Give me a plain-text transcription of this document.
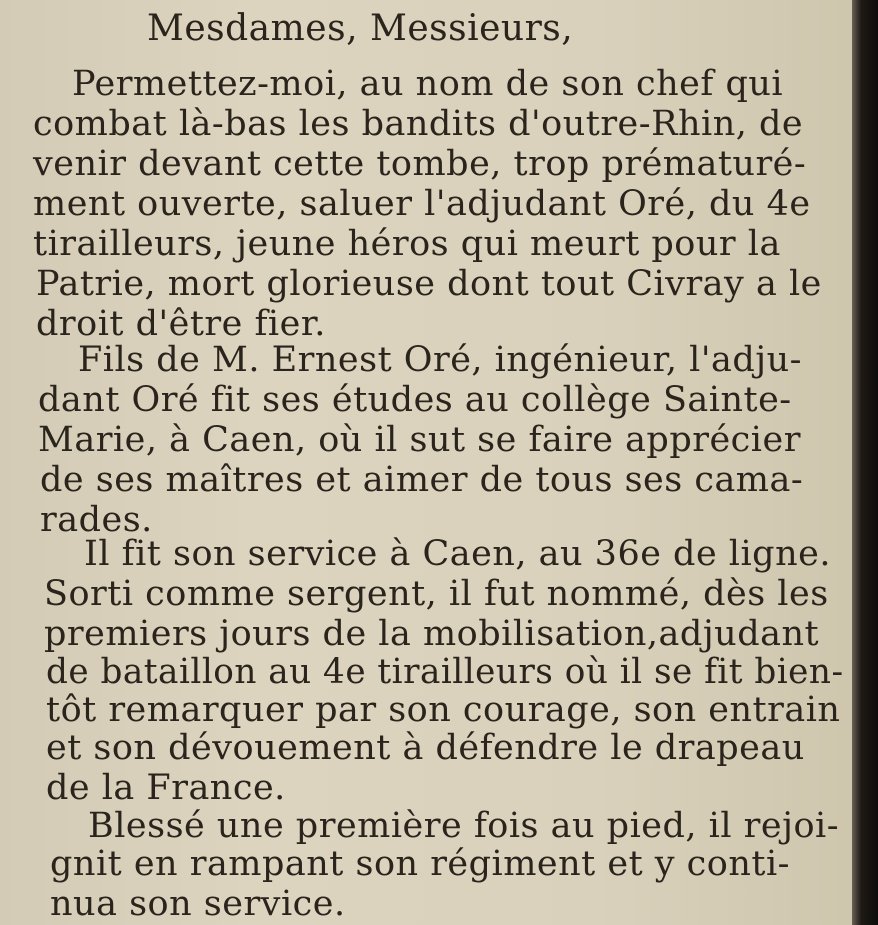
Mesdames, Messieurs,
Permettez-moi, au nom de son chef qui
combat là-bas les bandits d'outre-Rhin, de
venir devant cette tombe, trop prématuré-
ment ouverte, saluer l'adjudant Oré, du 4e
tirailleurs, jeune héros qui meurt pour la
Patrie, mort glorieuse dont tout Civray a le
droit d'être fier.
Fils de M. Ernest Oré, ingénieur, l'adju-
dant Oré fit ses études au collège Sainte-
Marie, à Caen, où il sut se faire apprécier
de ses maîtres et aimer de tous ses cama-
rades.
Il fit son service à Caen, au 36e de ligne.
Sorti comme sergent, il fut nommé, dès les
premiers jours de la mobilisation,adjudant
de bataillon au 4e tirailleurs où il se fit bien-
tôt remarquer par son courage, son entrain
et son dévouement à défendre le drapeau
de la France.
Blessé une première fois au pied, il rejoi-
gnit en rampant son régiment et y conti-
nua son service.
